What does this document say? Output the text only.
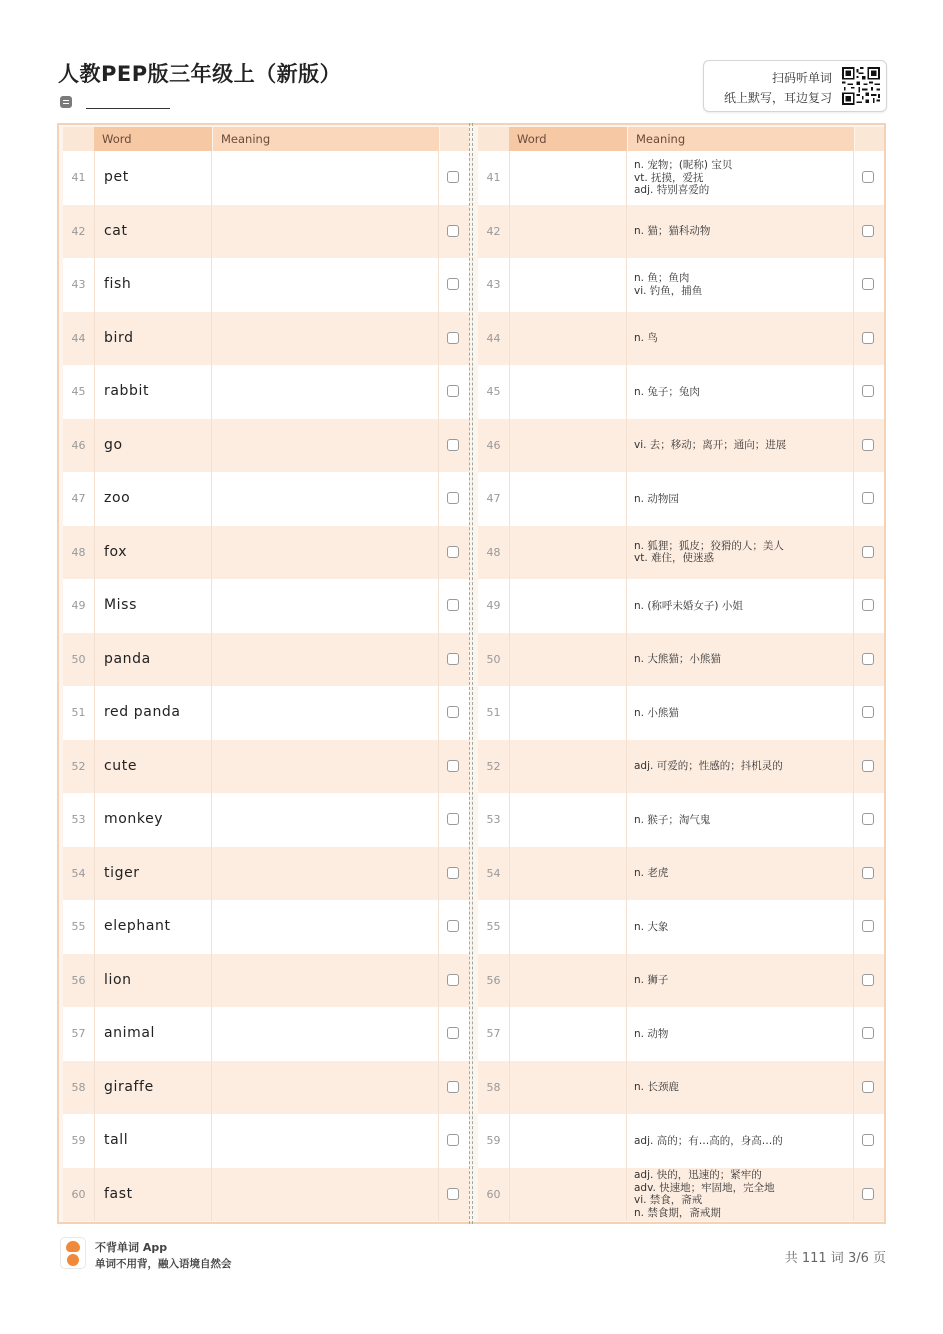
人教PEP版三年级上（新版）	扫码听单词
纸上默写，耳边复习
Word	Meaning
41	pet
42	cat
43	fish
44	bird
45	rabbit
46	go
47	zoo
48	fox
49	Miss
50	panda
51	red panda
52	cute
53	monkey
54	tiger
55	elephant
56	lion
57	animal
58	giraffe
59	tall
60	fast
Word	Meaning
41
n. 宠物；(昵称) 宝贝
vt. 抚摸，爱抚
adj. 特别喜爱的
42	n. 猫；猫科动物
43	n. 鱼；鱼肉
vi. 钓鱼，捕鱼
44	n. 鸟
45	n. 兔子；兔肉
46	vi. 去；移动；离开；通向；进展
47	n. 动物园
48	n. 狐狸；狐皮；狡猾的人；美人
vt. 难住，使迷惑
49	n. (称呼未婚女子) 小姐
50	n. 大熊猫；小熊猫
51	n. 小熊猫
52	adj. 可爱的；性感的；抖机灵的
53	n. 猴子；淘气鬼
54	n. 老虎
55	n. 大象
56	n. 狮子
57	n. 动物
58	n. 长颈鹿
59	adj. 高的；有…高的，身高…的
60
adj. 快的，迅速的；紧牢的
adv. 快速地；牢固地，完全地
vi. 禁食，斋戒
n. 禁食期，斋戒期
不背单词 App
单词不用背，融入语境自然会	共 111 词 3/6 页
